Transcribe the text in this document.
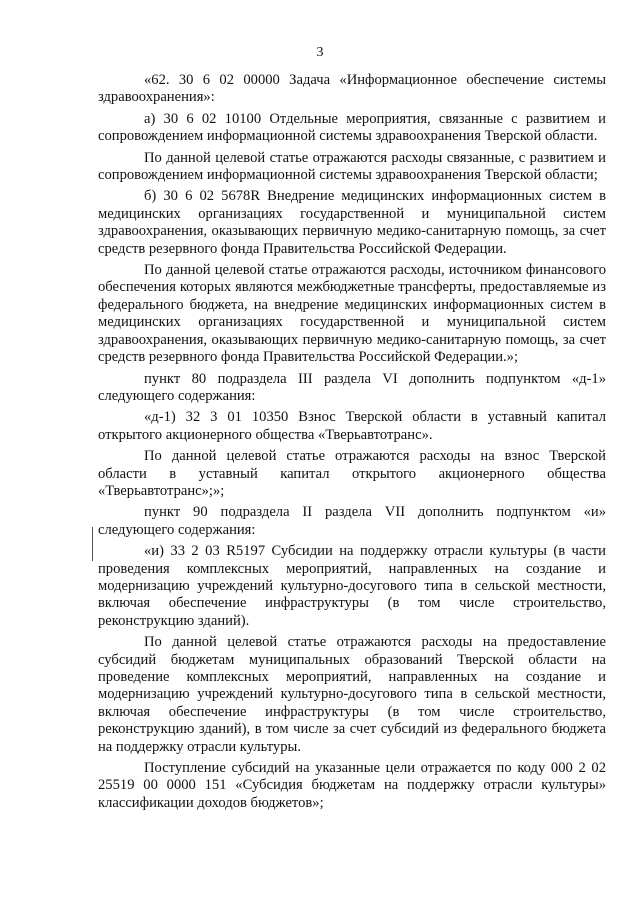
3

«62. 30 6 02 00000 Задача «Информационное обеспечение системы здравоохранения»:

а) 30 6 02 10100 Отдельные мероприятия, связанные с развитием и сопровождением информационной системы здравоохранения Тверской области.

По данной целевой статье отражаются расходы связанные, с развитием и сопровождением информационной системы здравоохранения Тверской области;

б) 30 6 02 5678R Внедрение медицинских информационных систем в медицинских организациях государственной и муниципальной систем здравоохранения, оказывающих первичную медико-санитарную помощь, за счет средств резервного фонда Правительства Российской Федерации.

По данной целевой статье отражаются расходы, источником финансового обеспечения которых являются межбюджетные трансферты, предоставляемые из федерального бюджета, на внедрение медицинских информационных систем в медицинских организациях государственной и муниципальной систем здравоохранения, оказывающих первичную медико-санитарную помощь, за счет средств резервного фонда Правительства Российской Федерации.»;

пункт 80 подраздела III раздела VI дополнить подпунктом «д-1» следующего содержания:

«д-1) 32 3 01 10350 Взнос Тверской области в уставный капитал открытого акционерного общества «Тверьавтотранс».

По данной целевой статье отражаются расходы на взнос Тверской области в уставный капитал открытого акционерного общества «Тверьавтотранс»;»;

пункт 90 подраздела II раздела VII дополнить подпунктом «и» следующего содержания:

«и) 33 2 03 R5197 Субсидии на поддержку отрасли культуры (в части проведения комплексных мероприятий, направленных на создание и модернизацию учреждений культурно-досугового типа в сельской местности, включая обеспечение инфраструктуры (в том числе строительство, реконструкцию зданий).

По данной целевой статье отражаются расходы на предоставление субсидий бюджетам муниципальных образований Тверской области на проведение комплексных мероприятий, направленных на создание и модернизацию учреждений культурно-досугового типа в сельской местности, включая обеспечение инфраструктуры (в том числе строительство, реконструкцию зданий), в том числе за счет субсидий из федерального бюджета на поддержку отрасли культуры.

Поступление субсидий на указанные цели отражается по коду 000 2 02 25519 00 0000 151 «Субсидия бюджетам на поддержку отрасли культуры» классификации доходов бюджетов»;
